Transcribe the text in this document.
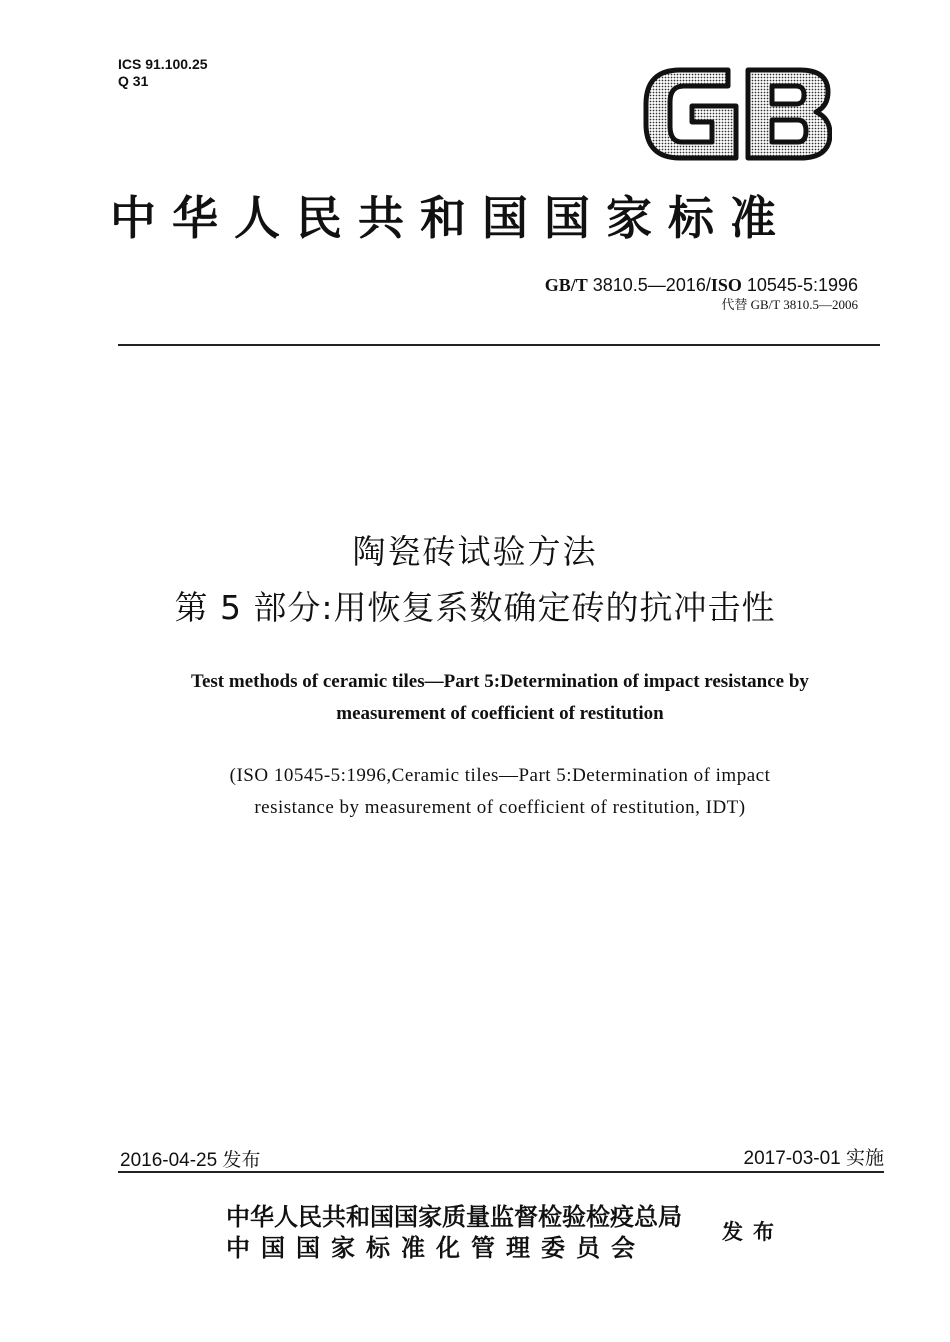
ICS 91.100.25
Q 31
中华人民共和国国家标准
GB/T 3810.5—2016/ISO 10545-5:1996
代替 GB/T 3810.5—2006
陶瓷砖试验方法
第 5 部分:用恢复系数确定砖的抗冲击性
Test methods of ceramic tiles—Part 5:Determination of impact resistance by
measurement of coefficient of restitution
(ISO 10545-5:1996,Ceramic tiles—Part 5:Determination of impact
resistance by measurement of coefficient of restitution, IDT)
2016-04-25 发布	2017-03-01 实施
中华人民共和国国家质量监督检验检疫总局
中国国家标准化管理委员会
发布
